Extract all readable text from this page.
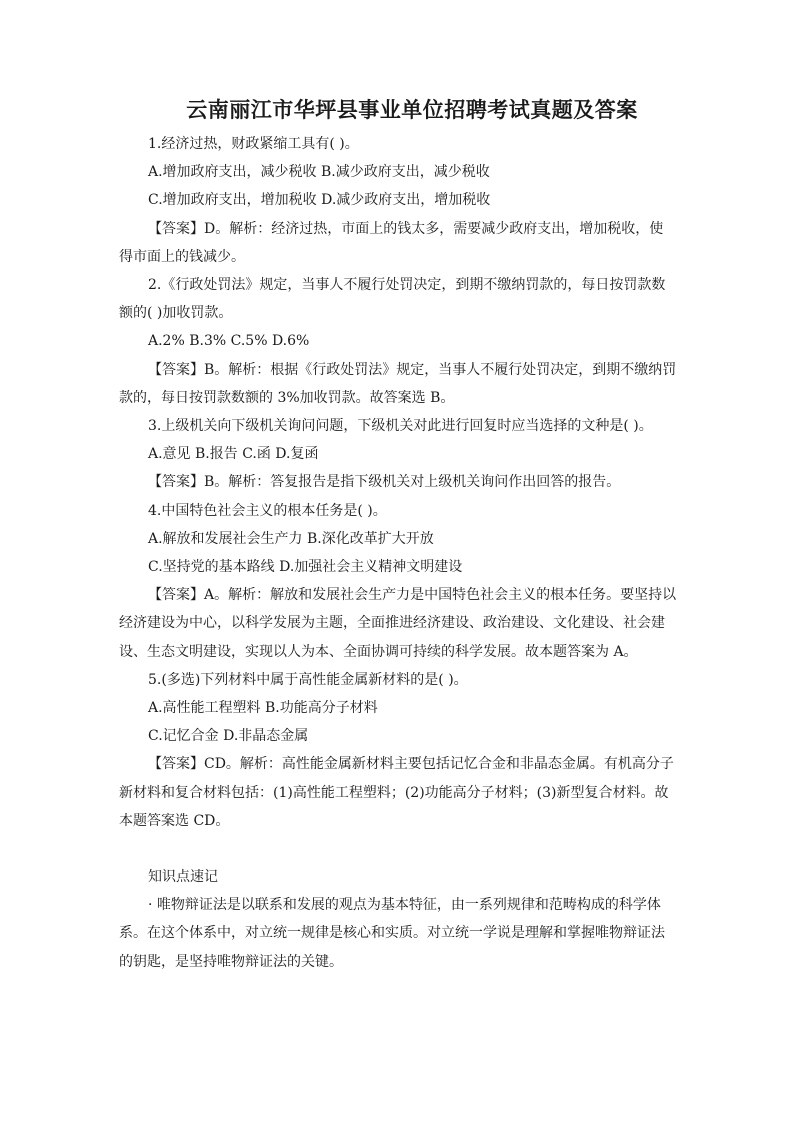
云南丽江市华坪县事业单位招聘考试真题及答案

1.经济过热，财政紧缩工具有( )。

A.增加政府支出，减少税收 B.减少政府支出，减少税收

C.增加政府支出，增加税收 D.减少政府支出，增加税收

【答案】D。解析：经济过热，市面上的钱太多，需要减少政府支出，增加税收，使得市面上的钱减少。

2.《行政处罚法》规定，当事人不履行处罚决定，到期不缴纳罚款的，每日按罚款数额的( )加收罚款。

A.2% B.3% C.5% D.6%

【答案】B。解析：根据《行政处罚法》规定，当事人不履行处罚决定，到期不缴纳罚款的，每日按罚款数额的 3%加收罚款。故答案选 B。

3.上级机关向下级机关询问问题，下级机关对此进行回复时应当选择的文种是( )。

A.意见 B.报告 C.函 D.复函

【答案】B。解析：答复报告是指下级机关对上级机关询问作出回答的报告。

4.中国特色社会主义的根本任务是( )。

A.解放和发展社会生产力 B.深化改革扩大开放

C.坚持党的基本路线 D.加强社会主义精神文明建设

【答案】A。解析：解放和发展社会生产力是中国特色社会主义的根本任务。要坚持以经济建设为中心，以科学发展为主题，全面推进经济建设、政治建设、文化建设、社会建设、生态文明建设，实现以人为本、全面协调可持续的科学发展。故本题答案为 A。

5.(多选)下列材料中属于高性能金属新材料的是( )。

A.高性能工程塑料 B.功能高分子材料

C.记忆合金 D.非晶态金属

【答案】CD。解析：高性能金属新材料主要包括记忆合金和非晶态金属。有机高分子新材料和复合材料包括：(1)高性能工程塑料；(2)功能高分子材料；(3)新型复合材料。故本题答案选 CD。

知识点速记

· 唯物辩证法是以联系和发展的观点为基本特征，由一系列规律和范畴构成的科学体系。在这个体系中，对立统一规律是核心和实质。对立统一学说是理解和掌握唯物辩证法的钥匙，是坚持唯物辩证法的关键。
